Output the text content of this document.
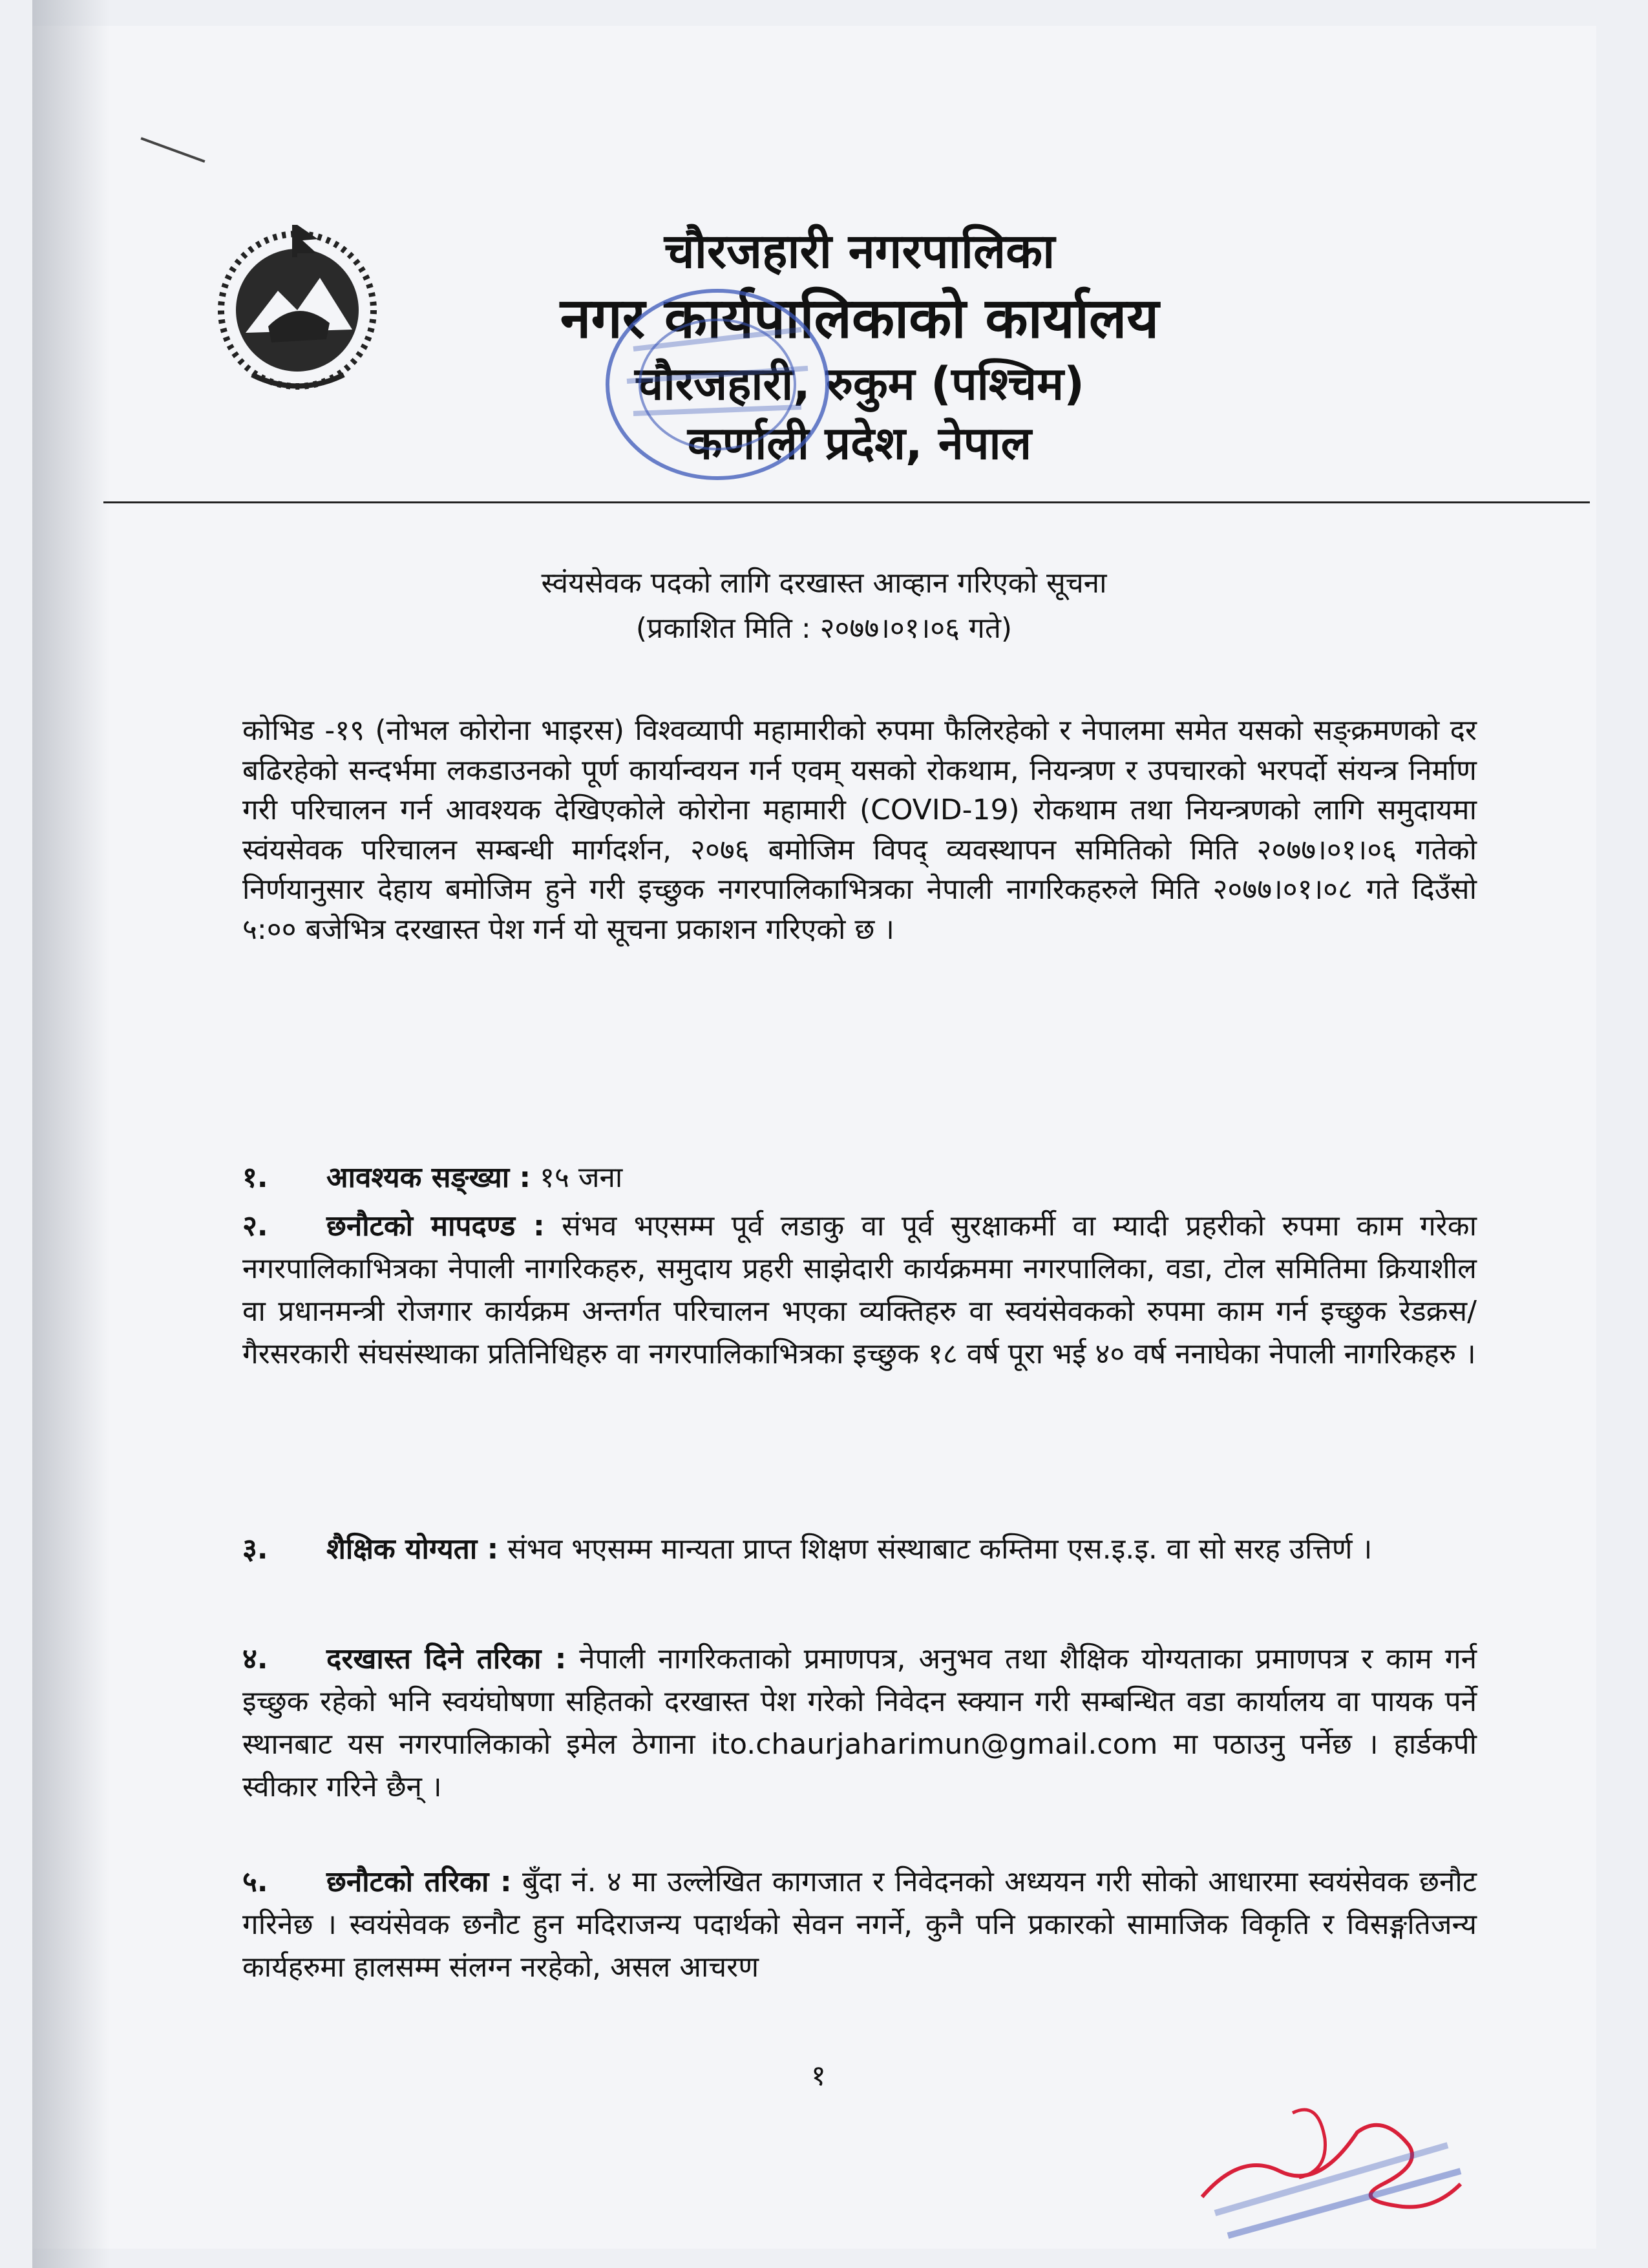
चौरजहारी नगरपालिका
नगर कार्यपालिकाको कार्यालय
चौरजहारी, रुकुम (पश्चिम)
कर्णाली प्रदेश, नेपाल
स्वंयसेवक पदको लागि दरखास्त आव्हान गरिएको सूचना
(प्रकाशित मिति : २०७७।०१।०६ गते)

कोभिड -१९ (नोभल कोरोना भाइरस) विश्वव्यापी महामारीको रुपमा फैलिरहेको र नेपालमा समेत यसको सङ्क्रमणको दर बढिरहेको सन्दर्भमा लकडाउनको पूर्ण कार्यान्वयन गर्न एवम् यसको रोकथाम, नियन्त्रण र उपचारको भरपर्दो संयन्त्र निर्माण गरी परिचालन गर्न आवश्यक देखिएकोले कोरोना महामारी (COVID-19) रोकथाम तथा नियन्त्रणको लागि समुदायमा स्वंयसेवक परिचालन सम्बन्धी मार्गदर्शन, २०७६ बमोजिम विपद् व्यवस्थापन समितिको मिति २०७७।०१।०६ गतेको निर्णयानुसार देहाय बमोजिम हुने गरी इच्छुक नगरपालिकाभित्रका नेपाली नागरिकहरुले मिति २०७७।०१।०८ गते दिउँसो ५:०० बजेभित्र दरखास्त पेश गर्न यो सूचना प्रकाशन गरिएको छ ।

१. आवश्यक सङ्ख्या : १५ जना
२. छनौटको मापदण्ड : संभव भएसम्म पूर्व लडाकु वा पूर्व सुरक्षाकर्मी वा म्यादी प्रहरीको रुपमा काम गरेका नगरपालिकाभित्रका नेपाली नागरिकहरु, समुदाय प्रहरी साझेदारी कार्यक्रममा नगरपालिका, वडा, टोल समितिमा क्रियाशील वा प्रधानमन्त्री रोजगार कार्यक्रम अन्तर्गत परिचालन भएका व्यक्तिहरु वा स्वयंसेवकको रुपमा काम गर्न इच्छुक रेडक्रस/गैरसरकारी संघसंस्थाका प्रतिनिधिहरु वा नगरपालिकाभित्रका इच्छुक १८ वर्ष पूरा भई ४० वर्ष ननाघेका नेपाली नागरिकहरु ।
३. शैक्षिक योग्यता : संभव भएसम्म मान्यता प्राप्त शिक्षण संस्थाबाट कम्तिमा एस.इ.इ. वा सो सरह उत्तिर्ण ।
४. दरखास्त दिने तरिका : नेपाली नागरिकताको प्रमाणपत्र, अनुभव तथा शैक्षिक योग्यताका प्रमाणपत्र र काम गर्न इच्छुक रहेको भनि स्वयंघोषणा सहितको दरखास्त पेश गरेको निवेदन स्क्यान गरी सम्बन्धित वडा कार्यालय वा पायक पर्ने स्थानबाट यस नगरपालिकाको इमेल ठेगाना ito.chaurjaharimun@gmail.com मा पठाउनु पर्नेछ । हार्डकपी स्वीकार गरिने छैन् ।
५. छनौटको तरिका : बुँदा नं. ४ मा उल्लेखित कागजात र निवेदनको अध्ययन गरी सोको आधारमा स्वयंसेवक छनौट गरिनेछ । स्वयंसेवक छनौट हुन मदिराजन्य पदार्थको सेवन नगर्ने, कुनै पनि प्रकारको सामाजिक विकृति र विसङ्गतिजन्य कार्यहरुमा हालसम्म संलग्न नरहेको, असल आचरण
१
